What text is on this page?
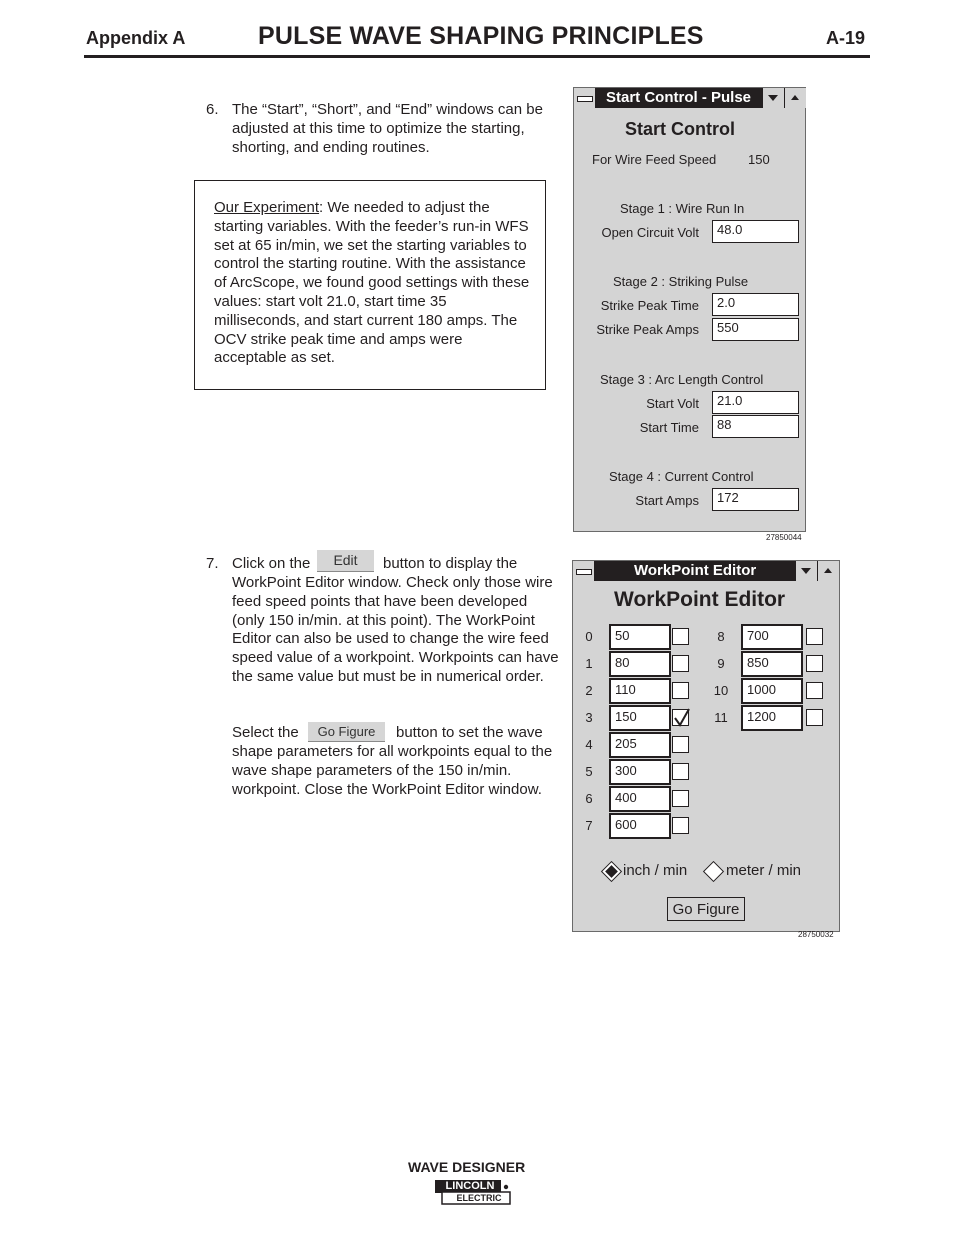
Appendix A	PULSE WAVE SHAPING PRINCIPLES	A-19
6. The “Start”, “Short”, and “End” windows can be adjusted at this time to optimize the starting, shorting, and ending routines.
Our Experiment: We needed to adjust the starting variables. With the feeder’s run-in WFS set at 65 in/min, we set the starting variables to control the starting routine. With the assistance of ArcScope, we found good settings with these values: start volt 21.0, start time 35 milliseconds, and start current 180 amps. The OCV strike peak time and amps were acceptable as set.
Start Control - Pulse
Start Control
For Wire Feed Speed 150
Stage 1 : Wire Run In
Open Circuit Volt	48.0
Stage 2 : Striking Pulse
Strike Peak Time	2.0
Strike Peak Amps	550
Stage 3 : Arc Length Control
Start Volt	21.0
Start Time	88
Stage 4 : Current Control
Start Amps	172
27850044
7. Click on the	Edit	button to display the
WorkPoint Editor window. Check only those wire feed speed points that have been developed (only 150 in/min. at this point). The WorkPoint Editor can also be used to change the wire feed speed value of a workpoint. Workpoints can have the same value but must be in numerical order.
Select the	Go Figure	button to set the wave
shape parameters for all workpoints equal to the wave shape parameters of the 150 in/min. workpoint. Close the WorkPoint Editor window.
WorkPoint Editor
WorkPoint Editor
0	50
1	80
2	110
3	150
4	205
5	300
6	400
7	600
8	700
9	850
10	1000
11	1200
inch / min	meter / min
Go Figure
28750032
WAVE DESIGNER
LINCOLN
ELECTRIC
